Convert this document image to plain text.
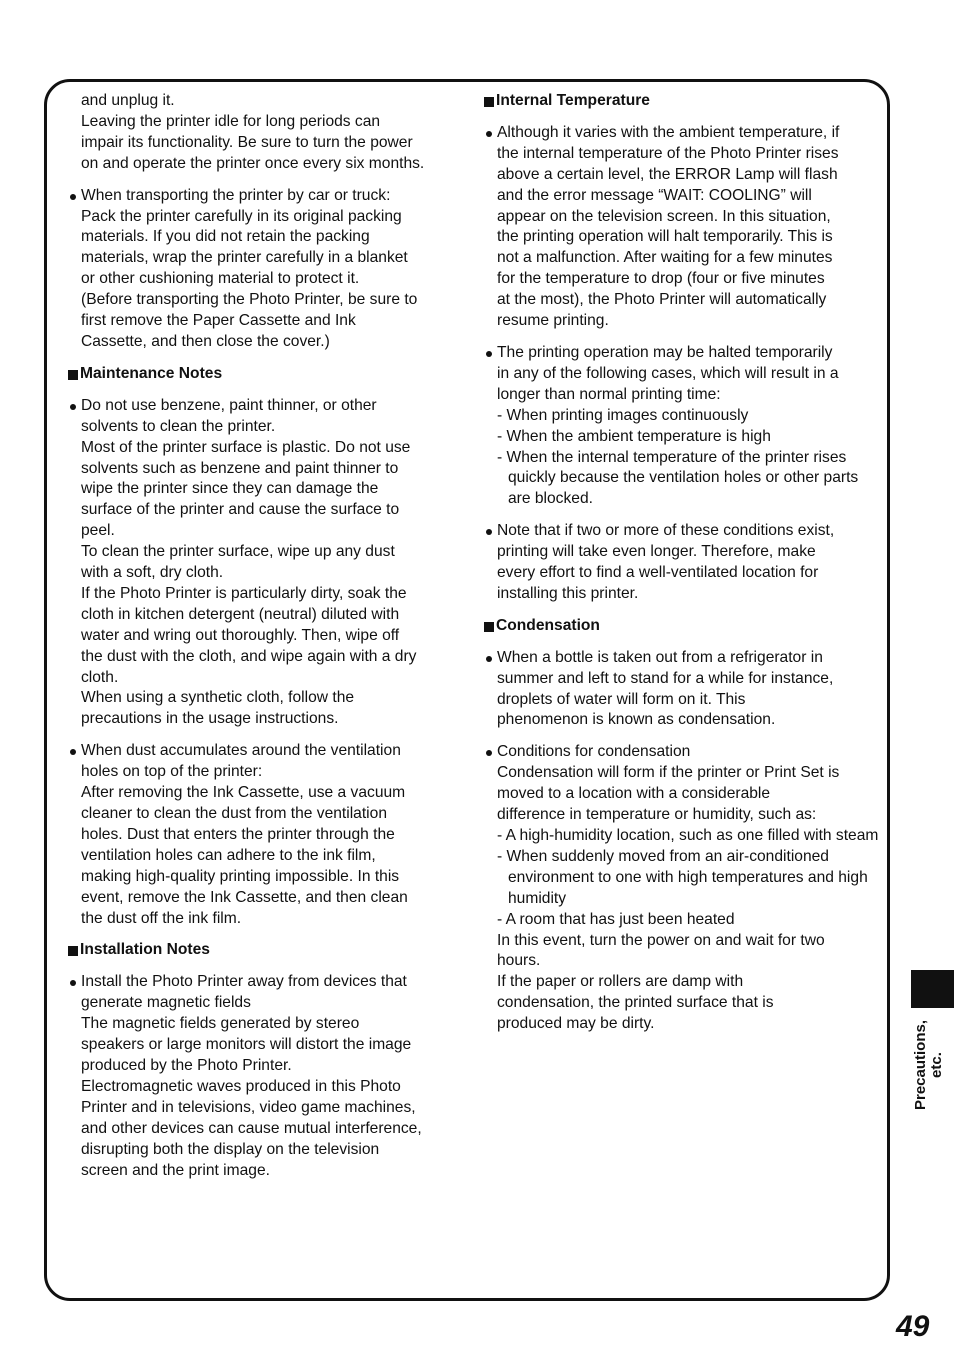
and unplug it.
Leaving the printer idle for long periods can
impair its functionality. Be sure to turn the power
on and operate the printer once every six months.
When transporting the printer by car or truck:
Pack the printer carefully in its original packing
materials. If you did not retain the packing
materials, wrap the printer carefully in a blanket
or other cushioning material to protect it.
(Before transporting the Photo Printer, be sure to
first remove the Paper Cassette and Ink
Cassette, and then close the cover.)
Maintenance Notes
Do not use benzene, paint thinner, or other
solvents to clean the printer.
Most of the printer surface is plastic. Do not use
solvents such as benzene and paint thinner to
wipe the printer since they can damage the
surface of the printer and cause the surface to
peel.
To clean the printer surface, wipe up any dust
with a soft, dry cloth.
If the Photo Printer is particularly dirty, soak the
cloth in kitchen detergent (neutral) diluted with
water and wring out thoroughly. Then, wipe off
the dust with the cloth, and wipe again with a dry
cloth.
When using a synthetic cloth, follow the
precautions in the usage instructions.
When dust accumulates around the ventilation
holes on top of the printer:
After removing the Ink Cassette, use a vacuum
cleaner to clean the dust from the ventilation
holes. Dust that enters the printer through the
ventilation holes can adhere to the ink film,
making high-quality printing impossible. In this
event, remove the Ink Cassette, and then clean
the dust off the ink film.
Installation Notes
Install the Photo Printer away from devices that
generate magnetic fields
The magnetic fields generated by stereo
speakers or large monitors will distort the image
produced by the Photo Printer.
Electromagnetic waves produced in this Photo
Printer and in televisions, video game machines,
and other devices can cause mutual interference,
disrupting both the display on the television
screen and the print image.
Internal Temperature
Although it varies with the ambient temperature, if
the internal temperature of the Photo Printer rises
above a certain level, the ERROR Lamp will flash
and the error message “WAIT: COOLING” will
appear on the television screen. In this situation,
the printing operation will halt temporarily. This is
not a malfunction. After waiting for a few minutes
for the temperature to drop (four or five minutes
at the most), the Photo Printer will automatically
resume printing.
The printing operation may be halted temporarily
in any of the following cases, which will result in a
longer than normal printing time:
- When printing images continuously
- When the ambient temperature is high
- When the internal temperature of the printer rises quickly because the ventilation holes or other parts are blocked.
Note that if two or more of these conditions exist,
printing will take even longer. Therefore, make
every effort to find a well-ventilated location for
installing this printer.
Condensation
When a bottle is taken out from a refrigerator in
summer and left to stand for a while for instance,
droplets of water will form on it. This
phenomenon is known as condensation.
Conditions for condensation
Condensation will form if the printer or Print Set is
moved to a location with a considerable
difference in temperature or humidity, such as:
- A high-humidity location, such as one filled with steam
- When suddenly moved from an air-conditioned environment to one with high temperatures and high humidity
- A room that has just been heated
In this event, turn the power on and wait for two
hours.
If the paper or rollers are damp with
condensation, the printed surface that is
produced may be dirty.	Precautions, etc.
49
